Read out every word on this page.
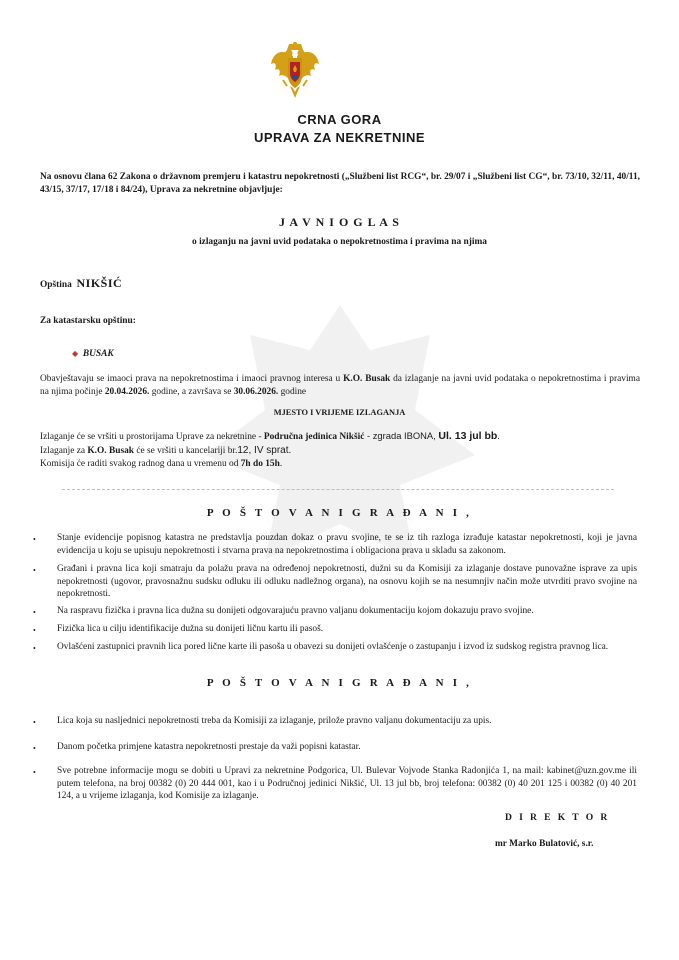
CRNA GORA
UPRAVA ZA NEKRETNINE
Na osnovu člana 62 Zakona o državnom premjeru i katastru nepokretnosti („Službeni list RCG“, br. 29/07 i „Službeni list CG“, br. 73/10, 32/11, 40/11, 43/15, 37/17, 17/18 i 84/24), Uprava za nekretnine objavljuje:
J A V N I O G L A S
o izlaganju na javni uvid podataka o nepokretnostima i pravima na njima
Opština NIKŠIĆ
Za katastarsku opštinu:
◆ BUSAK
Obavještavaju se imaoci prava na nepokretnostima i imaoci pravnog interesa u K.O. Busak da izlaganje na javni uvid podataka o nepokretnostima i pravima na njima počinje 20.04.2026. godine, a završava se 30.06.2026. godine
MJESTO I VRIJEME IZLAGANJA
Izlaganje će se vršiti u prostorijama Uprave za nekretnine - Područna jedinica Nikšić - zgrada IBONA, Ul. 13 jul bb.
Izlaganje za K.O. Busak će se vršiti u kancelariji br.12, IV sprat.
Komisija će raditi svakog radnog dana u vremenu od 7h do 15h.
P O Š T O V A N I G R A Đ A N I ,
• Stanje evidencije popisnog katastra ne predstavlja pouzdan dokaz o pravu svojine, te se iz tih razloga izrađuje katastar nepokretnosti, koji je javna evidencija u koju se upisuju nepokretnosti i stvarna prava na nepokretnostima i obligaciona prava u skladu sa zakonom.
• Građani i pravna lica koji smatraju da polažu prava na određenoj nepokretnosti, dužni su da Komisiji za izlaganje dostave punovažne isprave za upis nepokretnosti (ugovor, pravosnažnu sudsku odluku ili odluku nadležnog organa), na osnovu kojih se na nesumnjiv način može utvrditi pravo svojine na nepokretnosti.
• Na raspravu fizička i pravna lica dužna su donijeti odgovarajuću pravno valjanu dokumentaciju kojom dokazuju pravo svojine.
• Fizička lica u cilju identifikacije dužna su donijeti ličnu kartu ili pasoš.
• Ovlašćeni zastupnici pravnih lica pored lične karte ili pasoša u obavezi su donijeti ovlašćenje o zastupanju i izvod iz sudskog registra pravnog lica.
P O Š T O V A N I G R A Đ A N I ,
• Lica koja su nasljednici nepokretnosti treba da Komisiji za izlaganje, prilože pravno valjanu dokumentaciju za upis.
• Danom početka primjene katastra nepokretnosti prestaje da važi popisni katastar.
• Sve potrebne informacije mogu se dobiti u Upravi za nekretnine Podgorica, Ul. Bulevar Vojvode Stanka Radonjića 1, na mail: kabinet@uzn.gov.me ili putem telefona, na broj 00382 (0) 20 444 001, kao i u Područnoj jedinici Nikšić, Ul. 13 jul bb, broj telefona: 00382 (0) 40 201 125 i 00382 (0) 40 201 124, a u vrijeme izlaganja, kod Komisije za izlaganje.
D I R E K T O R
mr Marko Bulatović, s.r.
